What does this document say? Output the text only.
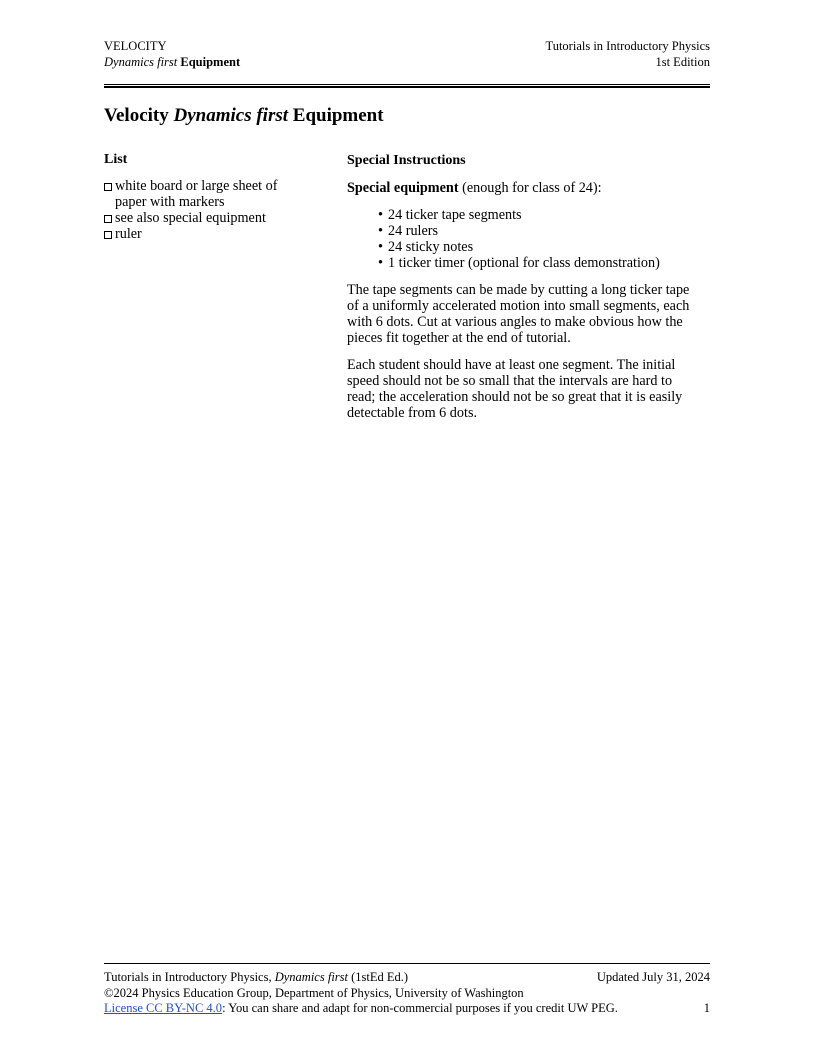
VELOCITY
Dynamics first Equipment
Tutorials in Introductory Physics
1st Edition
Velocity Dynamics first Equipment
List
white board or large sheet of
paper with markers
see also special equipment
ruler
Special Instructions

Special equipment (enough for class of 24):

• 24 ticker tape segments
• 24 rulers
• 24 sticky notes
• 1 ticker timer (optional for class demonstration)

The tape segments can be made by cutting a long ticker tape
of a uniformly accelerated motion into small segments, each
with 6 dots. Cut at various angles to make obvious how the
pieces fit together at the end of tutorial.

Each student should have at least one segment. The initial
speed should not be so small that the intervals are hard to
read; the acceleration should not be so great that it is easily
detectable from 6 dots.

Tutorials in Introductory Physics, Dynamics first (1stEd Ed.)	Updated July 31, 2024
©2024 Physics Education Group, Department of Physics, University of Washington
License CC BY-NC 4.0: You can share and adapt for non-commercial purposes if you credit UW PEG.	1
